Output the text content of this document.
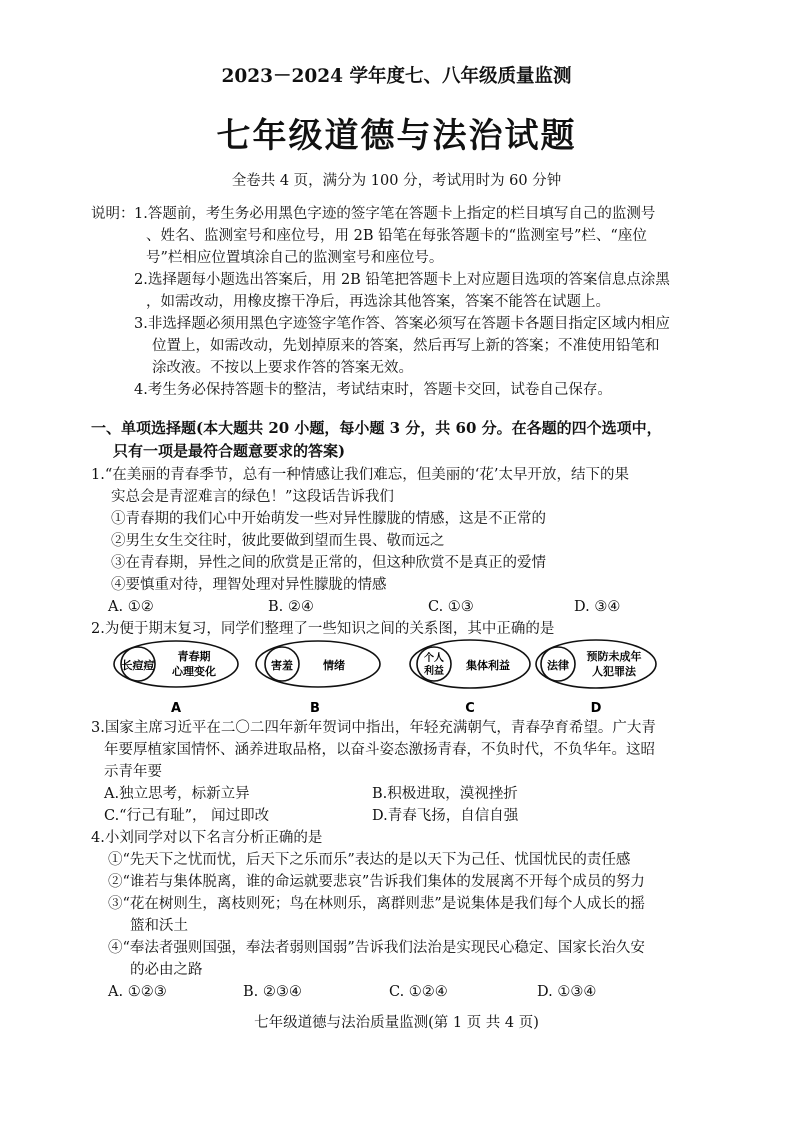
2023－2024 学年度七、八年级质量监测
七年级道德与法治试题
全卷共 4 页，满分为 100 分，考试用时为 60 分钟
说明： 1.答题前，考生务必用黑色字迹的签字笔在答题卡上指定的栏目填写自己的监测号
、姓名、监测室号和座位号，用 2B 铅笔在每张答题卡的“监测室号”栏、“座位
号”栏相应位置填涂自己的监测室号和座位号。
2.选择题每小题选出答案后，用 2B 铅笔把答题卡上对应题目选项的答案信息点涂黑
，如需改动，用橡皮擦干净后，再选涂其他答案，答案不能答在试题上。
3.非选择题必须用黑色字迹签字笔作答、答案必须写在答题卡各题目指定区域内相应
位置上，如需改动，先划掉原来的答案，然后再写上新的答案；不准使用铅笔和
涂改液。不按以上要求作答的答案无效。
4.考生务必保持答题卡的整洁，考试结束时，答题卡交回，试卷自己保存。
一、单项选择题(本大题共 20 小题，每小题 3 分，共 60 分。在各题的四个选项中，
只有一项是最符合题意要求的答案)
1.“在美丽的青春季节，总有一种情感让我们难忘，但美丽的‘花’太早开放，结下的果
实总会是青涩难言的绿色！”这段话告诉我们
①青春期的我们心中开始萌发一些对异性朦胧的情感，这是不正常的
②男生女生交往时，彼此要做到望而生畏、敬而远之
③在青春期，异性之间的欣赏是正常的，但这种欣赏不是真正的爱情
④要慎重对待，理智处理对异性朦胧的情感
A. ①②	B. ②④	C. ①③	D. ③④
2.为便于期末复习，同学们整理了一些知识之间的关系图，其中正确的是
长痘痘
青春期
心理变化
A
害羞	情绪
B
个人
利益 集体利益
C
法律
预防未成年
人犯罪法
D
3.国家主席习近平在二〇二四年新年贺词中指出，年轻充满朝气，青春孕育希望。广大青
年要厚植家国情怀、涵养进取品格，以奋斗姿态激扬青春，不负时代，不负华年。这昭
示青年要
A.独立思考，标新立异	B.积极进取，漠视挫折
C.“行己有耻”， 闻过即改	D.青春飞扬，自信自强
4.小刘同学对以下名言分析正确的是
①“先天下之忧而忧，后天下之乐而乐”表达的是以天下为己任、忧国忧民的责任感
②“谁若与集体脱离，谁的命运就要悲哀”告诉我们集体的发展离不开每个成员的努力
③“花在树则生，离枝则死；鸟在林则乐，离群则悲”是说集体是我们每个人成长的摇
篮和沃土
④“奉法者强则国强，奉法者弱则国弱”告诉我们法治是实现民心稳定、国家长治久安
的必由之路
A. ①②③	B. ②③④	C. ①②④	D. ①③④
七年级道德与法治质量监测(第 1 页 共 4 页)
